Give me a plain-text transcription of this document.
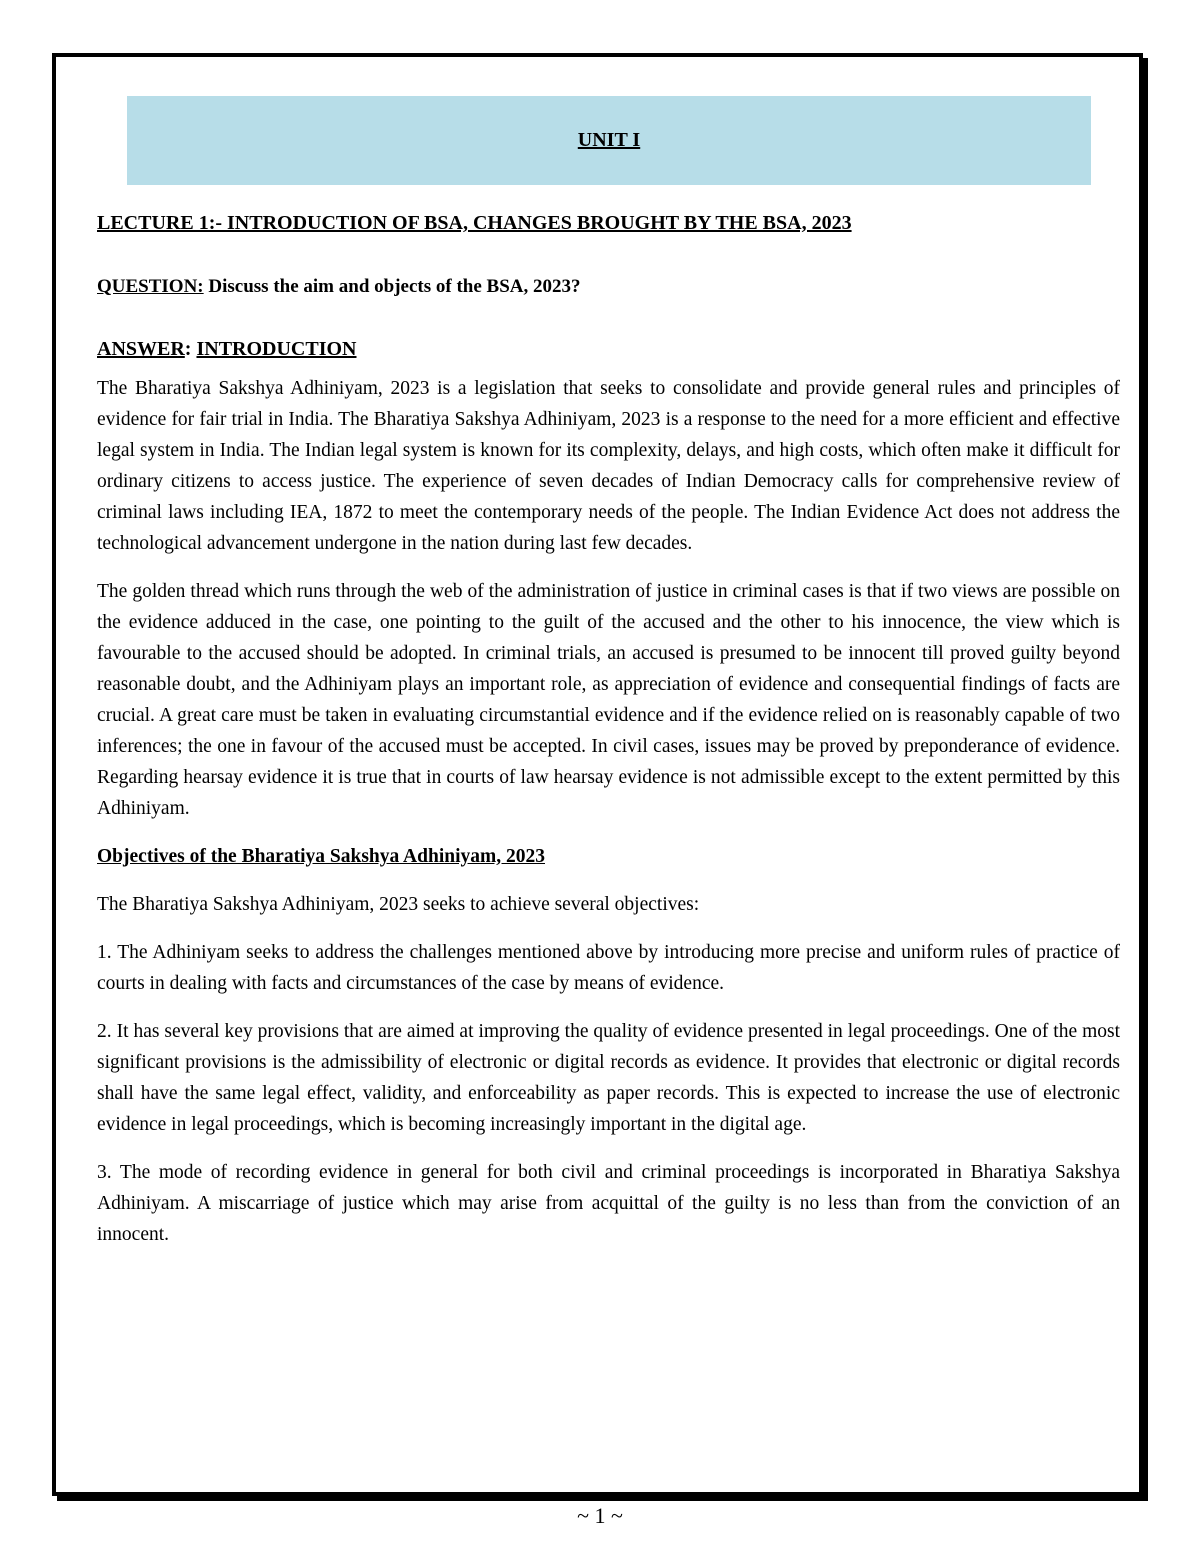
UNIT I

LECTURE 1:- INTRODUCTION OF BSA, CHANGES BROUGHT BY THE BSA, 2023

QUESTION: Discuss the aim and objects of the BSA, 2023?

ANSWER: INTRODUCTION

The Bharatiya Sakshya Adhiniyam, 2023 is a legislation that seeks to consolidate and provide general rules and principles of evidence for fair trial in India. The Bharatiya Sakshya Adhiniyam, 2023 is a response to the need for a more efficient and effective legal system in India. The Indian legal system is known for its complexity, delays, and high costs, which often make it difficult for ordinary citizens to access justice. The experience of seven decades of Indian Democracy calls for comprehensive review of criminal laws including IEA, 1872 to meet the contemporary needs of the people. The Indian Evidence Act does not address the technological advancement undergone in the nation during last few decades.

The golden thread which runs through the web of the administration of justice in criminal cases is that if two views are possible on the evidence adduced in the case, one pointing to the guilt of the accused and the other to his innocence, the view which is favourable to the accused should be adopted. In criminal trials, an accused is presumed to be innocent till proved guilty beyond reasonable doubt, and the Adhiniyam plays an important role, as appreciation of evidence and consequential findings of facts are crucial. A great care must be taken in evaluating circumstantial evidence and if the evidence relied on is reasonably capable of two inferences; the one in favour of the accused must be accepted. In civil cases, issues may be proved by preponderance of evidence. Regarding hearsay evidence it is true that in courts of law hearsay evidence is not admissible except to the extent permitted by this Adhiniyam.

Objectives of the Bharatiya Sakshya Adhiniyam, 2023

The Bharatiya Sakshya Adhiniyam, 2023 seeks to achieve several objectives:

1. The Adhiniyam seeks to address the challenges mentioned above by introducing more precise and uniform rules of practice of courts in dealing with facts and circumstances of the case by means of evidence.

2. It has several key provisions that are aimed at improving the quality of evidence presented in legal proceedings. One of the most significant provisions is the admissibility of electronic or digital records as evidence. It provides that electronic or digital records shall have the same legal effect, validity, and enforceability as paper records. This is expected to increase the use of electronic evidence in legal proceedings, which is becoming increasingly important in the digital age.

3. The mode of recording evidence in general for both civil and criminal proceedings is incorporated in Bharatiya Sakshya Adhiniyam. A miscarriage of justice which may arise from acquittal of the guilty is no less than from the conviction of an innocent.

~ 1 ~
